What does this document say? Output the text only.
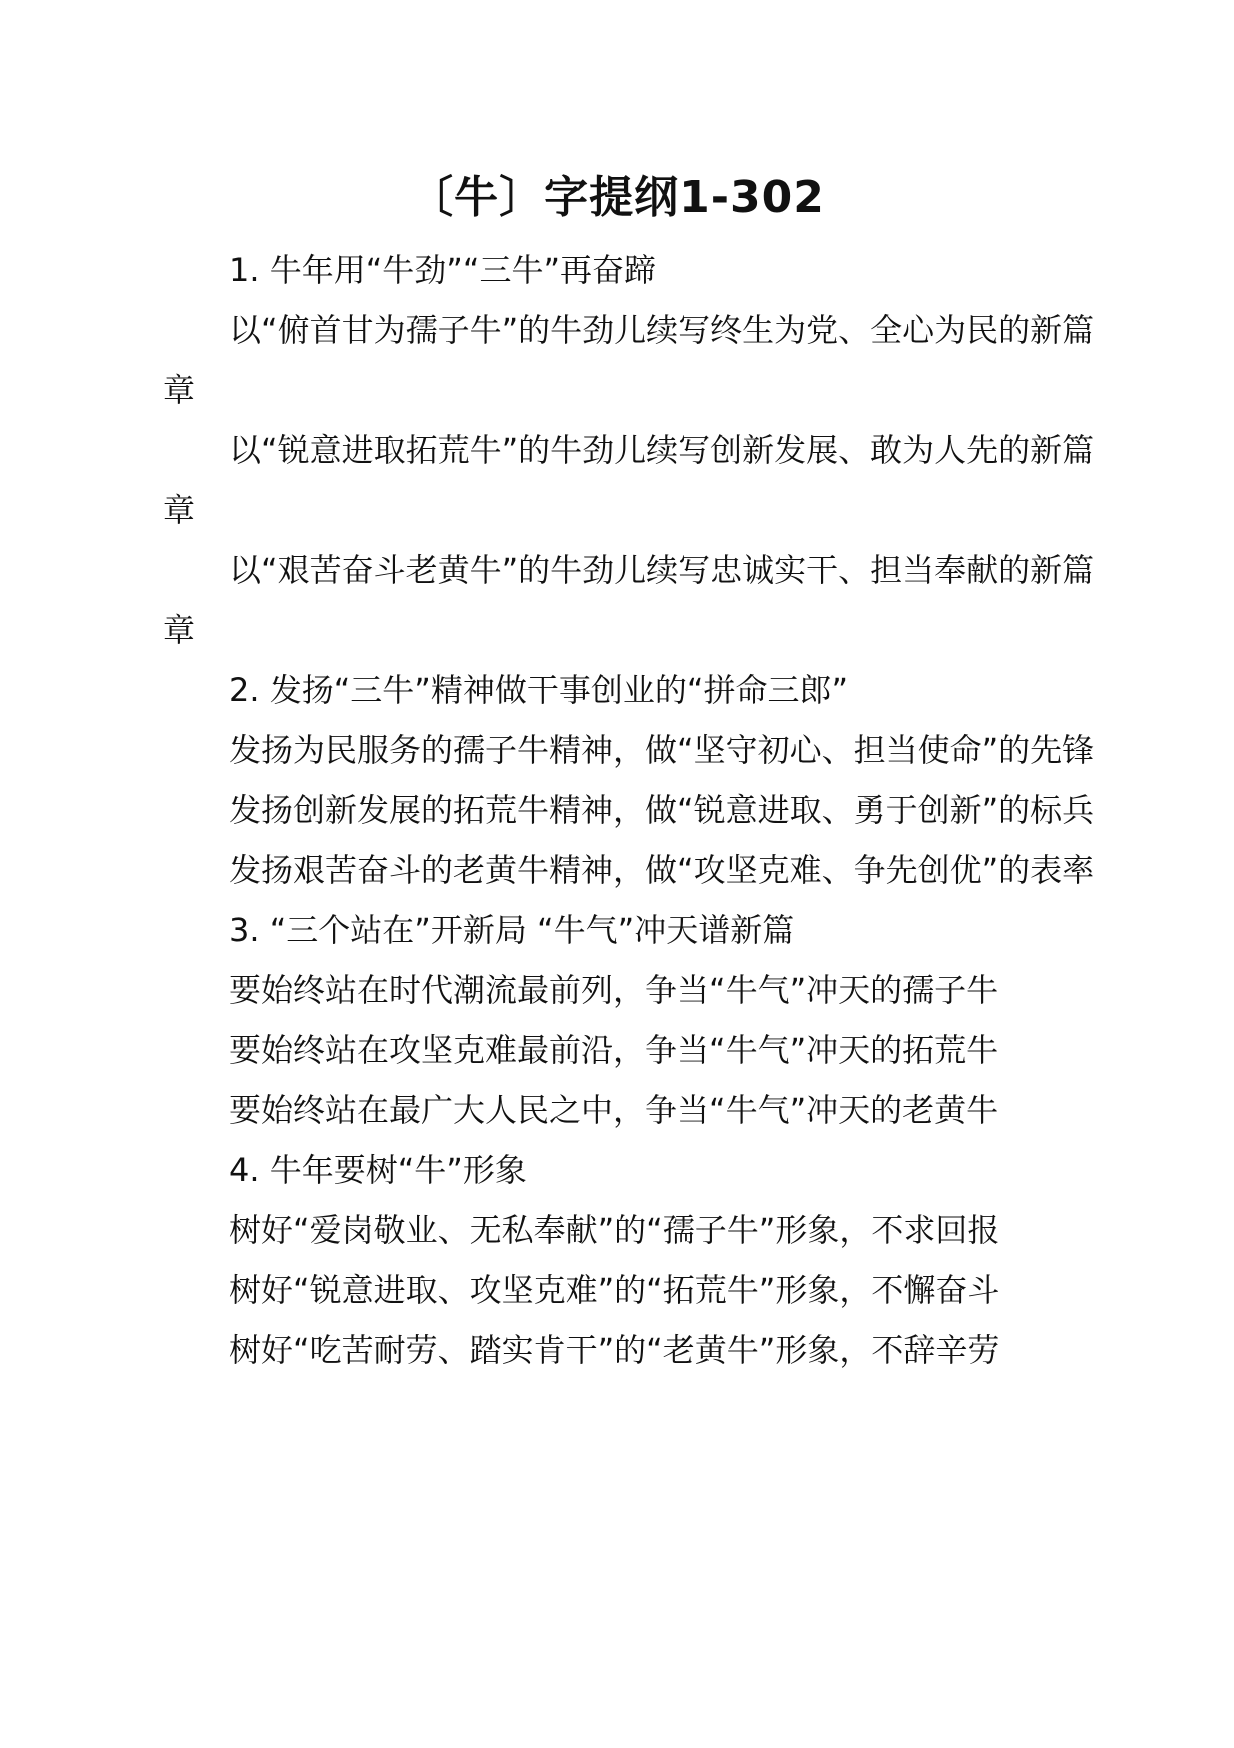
〔牛〕字提纲1-302

1. 牛年用“牛劲”“三牛”再奋蹄

以“俯首甘为孺子牛”的牛劲儿续写终生为党、全心为民的新篇章

以“锐意进取拓荒牛”的牛劲儿续写创新发展、敢为人先的新篇章

以“艰苦奋斗老黄牛”的牛劲儿续写忠诚实干、担当奉献的新篇章

2. 发扬“三牛”精神做干事创业的“拼命三郎”

发扬为民服务的孺子牛精神，做“坚守初心、担当使命”的先锋

发扬创新发展的拓荒牛精神，做“锐意进取、勇于创新”的标兵

发扬艰苦奋斗的老黄牛精神，做“攻坚克难、争先创优”的表率

3. “三个站在”开新局 “牛气”冲天谱新篇

要始终站在时代潮流最前列，争当“牛气”冲天的孺子牛

要始终站在攻坚克难最前沿，争当“牛气”冲天的拓荒牛

要始终站在最广大人民之中，争当“牛气”冲天的老黄牛

4. 牛年要树“牛”形象

树好“爱岗敬业、无私奉献”的“孺子牛”形象，不求回报

树好“锐意进取、攻坚克难”的“拓荒牛”形象，不懈奋斗

树好“吃苦耐劳、踏实肯干”的“老黄牛”形象，不辞辛劳
